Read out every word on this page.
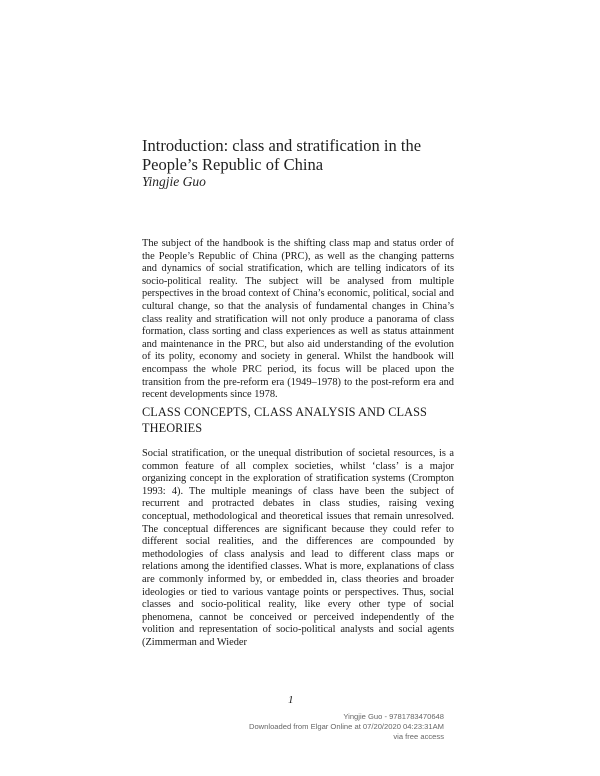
Introduction: class and stratification in the People’s Republic of China
Yingjie Guo

The subject of the handbook is the shifting class map and status order of the People’s Republic of China (PRC), as well as the changing patterns and dynamics of social stratification, which are telling indicators of its socio-political reality. The subject will be analysed from multiple perspectives in the broad context of China’s economic, political, social and cultural change, so that the analysis of fundamental changes in China’s class reality and stratification will not only produce a panorama of class formation, class sorting and class experiences as well as status attainment and maintenance in the PRC, but also aid understanding of the evolution of its polity, economy and society in general. Whilst the handbook will encompass the whole PRC period, its focus will be placed upon the transition from the pre-reform era (1949–1978) to the post-reform era and recent developments since 1978.

CLASS CONCEPTS, CLASS ANALYSIS AND CLASS THEORIES

Social stratification, or the unequal distribution of societal resources, is a common feature of all complex societies, whilst ‘class’ is a major organizing concept in the exploration of stratification systems (Crompton 1993: 4). The multiple meanings of class have been the subject of recurrent and protracted debates in class studies, raising vexing conceptual, methodological and theoretical issues that remain unresolved. The conceptual differences are significant because they could refer to different social realities, and the differences are compounded by methodologies of class analysis and lead to different class maps or relations among the identified classes. What is more, explanations of class are commonly informed by, or embedded in, class theories and broader ideologies or tied to various vantage points or perspectives. Thus, social classes and socio-political reality, like every other type of social phenomena, cannot be conceived or perceived independently of the volition and representation of socio-political analysts and social agents (Zimmerman and Wieder

1
Yingjie Guo - 9781783470648
Downloaded from Elgar Online at 07/20/2020 04:23:31AM
via free access
